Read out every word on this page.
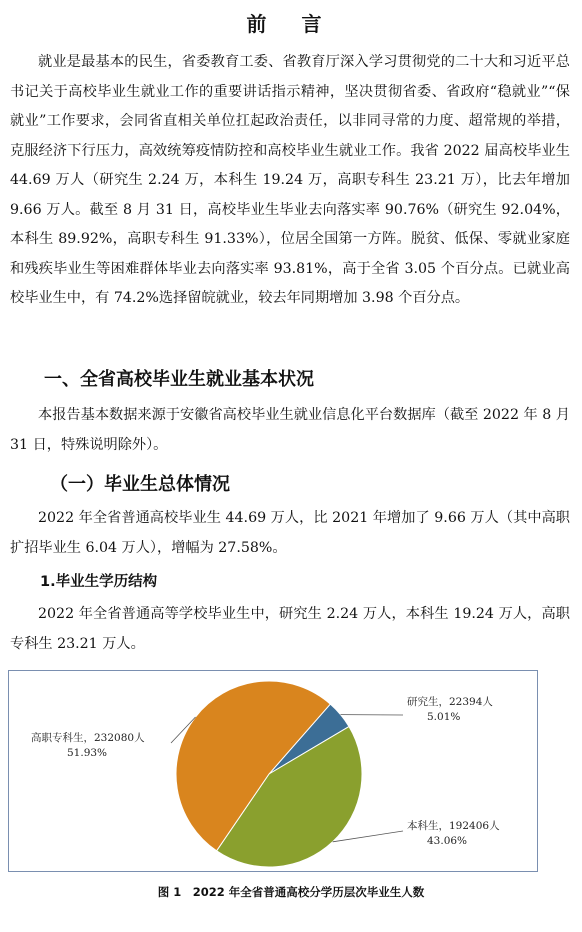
前 言

就业是最基本的民生，省委教育工委、省教育厅深入学习贯彻党的二十大和习近平总书记关于高校毕业生就业工作的重要讲话指示精神，坚决贯彻省委、省政府“稳就业”“保就业”工作要求，会同省直相关单位扛起政治责任，以非同寻常的力度、超常规的举措，克服经济下行压力，高效统筹疫情防控和高校毕业生就业工作。我省 2022 届高校毕业生 44.69 万人（研究生 2.24 万，本科生 19.24 万，高职专科生 23.21 万），比去年增加 9.66 万人。截至 8 月 31 日，高校毕业生毕业去向落实率 90.76%（研究生 92.04%，本科生 89.92%，高职专科生 91.33%），位居全国第一方阵。脱贫、低保、零就业家庭和残疾毕业生等困难群体毕业去向落实率 93.81%，高于全省 3.05 个百分点。已就业高校毕业生中，有 74.2%选择留皖就业，较去年同期增加 3.98 个百分点。

一、全省高校毕业生就业基本状况

本报告基本数据来源于安徽省高校毕业生就业信息化平台数据库（截至 2022 年 8 月 31 日，特殊说明除外）。

（一）毕业生总体情况

2022 年全省普通高校毕业生 44.69 万人，比 2021 年增加了 9.66 万人（其中高职扩招毕业生 6.04 万人），增幅为 27.58%。

1.毕业生学历结构

2022 年全省普通高等学校毕业生中，研究生 2.24 万人，本科生 19.24 万人，高职专科生 23.21 万人。

研究生，22394人
5.01%
本科生，192406人
43.06%
高职专科生，232080人
51.93%
图 1　2022 年全省普通高校分学历层次毕业生人数
